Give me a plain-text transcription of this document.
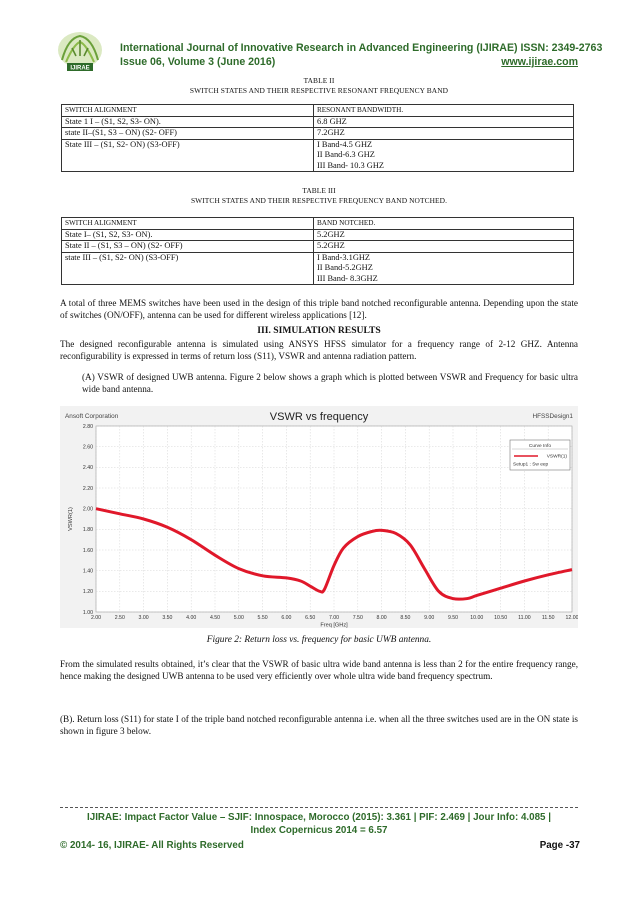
IJIRAE
International Journal of Innovative Research in Advanced Engineering (IJIRAE) ISSN: 2349-2763
Issue 06, Volume 3 (June 2016)	www.ijirae.com
TABLE II
SWITCH STATES AND THEIR RESPECTIVE RESONANT FREQUENCY BAND
SWITCH ALIGNMENT	RESONANT BANDWIDTH.
State 1 I – (S1, S2, S3- ON).	6.8 GHZ
state II–(S1, S3 – ON) (S2- OFF)	7.2GHZ
State III – (S1, S2- ON) (S3-OFF)	I Band-4.5 GHZ
II Band-6.3 GHZ
III Band- 10.3 GHZ
TABLE III
SWITCH STATES AND THEIR RESPECTIVE FREQUENCY BAND NOTCHED.
SWITCH ALIGNMENT	BAND NOTCHED.
State I– (S1, S2, S3- ON).	5.2GHZ
State II – (S1, S3 – ON) (S2- OFF)	5.2GHZ
state III – (S1, S2- ON) (S3-OFF)	I Band-3.1GHZ
II Band-5.2GHZ
III Band- 8.3GHZ
A total of three MEMS switches have been used in the design of this triple band notched reconfigurable antenna. Depending upon the state of switches (ON/OFF), antenna can be used for different wireless applications [12].
III. SIMULATION RESULTS
The designed reconfigurable antenna is simulated using ANSYS HFSS simulator for a frequency range of 2-12 GHZ. Antenna reconfigurability is expressed in terms of return loss (S11), VSWR and antenna radiation pattern.
(A) VSWR of designed UWB antenna. Figure 2 below shows a graph which is plotted between VSWR and Frequency for basic ultra wide band antenna.
Ansoft Corporation	HFSSDesign1
VSWR vs frequency
2.00	2.50	3.00	3.50	4.00	4.50	5.00	5.50	6.00	6.50	7.00	7.50	8.00	8.50	9.00	9.50 10.00 10.50 11.00 11.50 12.00
1.00
1.20
1.40
1.60
1.80
2.00
2.20
2.40
2.60
2.80
Freq [GHz]
VSWR(1)
Curve Info
VSWR(1)
Setup1 : Sw eep
Figure 2: Return loss vs. frequency for basic UWB antenna.
From the simulated results obtained, it’s clear that the VSWR of basic ultra wide band antenna is less than 2 for the entire frequency range, hence making the designed UWB antenna to be used very efficiently over whole ultra wide band frequency spectrum.
(B). Return loss (S11) for state I of the triple band notched reconfigurable antenna i.e. when all the three switches used are in the ON state is shown in figure 3 below.
IJIRAE: Impact Factor Value – SJIF: Innospace, Morocco (2015): 3.361 | PIF: 2.469 | Jour Info: 4.085 |
Index Copernicus 2014 = 6.57
© 2014- 16, IJIRAE- All Rights Reserved	Page -37
